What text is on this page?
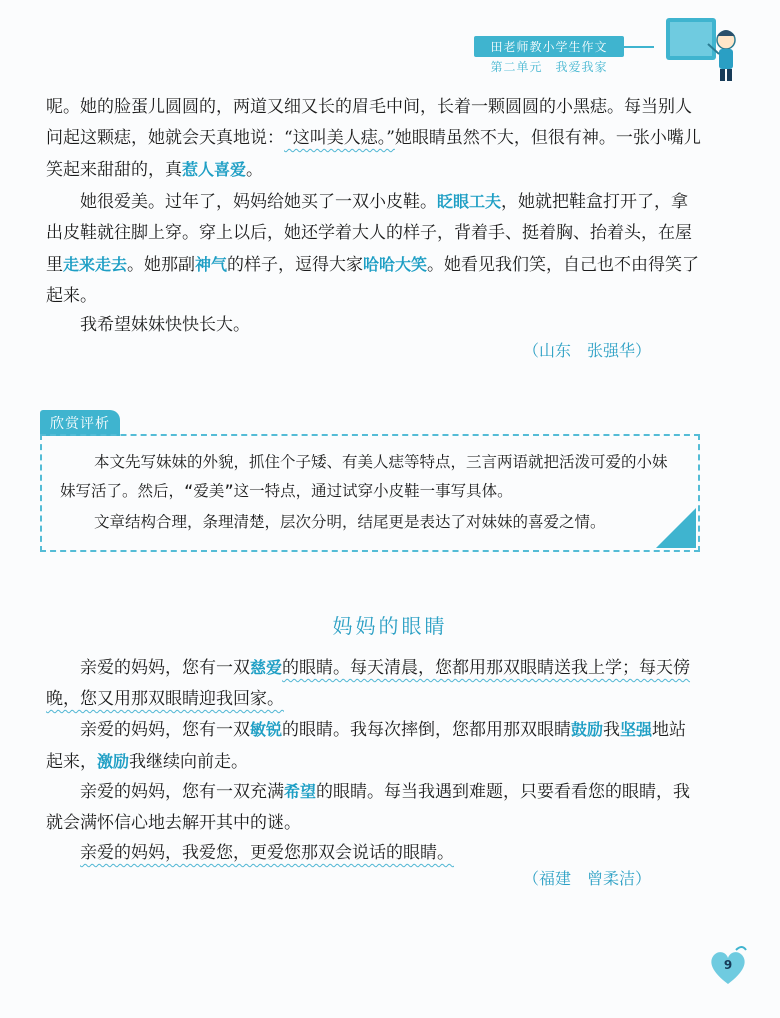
田老师教小学生作文
第二单元　我爱我家

呢。她的脸蛋儿圆圆的，两道又细又长的眉毛中间，长着一颗圆圆的小黑痣。每当别人问起这颗痣，她就会天真地说：“这叫美人痣。”她眼睛虽然不大，但很有神。一张小嘴儿笑起来甜甜的，真惹人喜爱。

她很爱美。过年了，妈妈给她买了一双小皮鞋。眨眼工夫，她就把鞋盒打开了，拿出皮鞋就往脚上穿。穿上以后，她还学着大人的样子，背着手、挺着胸、抬着头，在屋里走来走去。她那副神气的样子，逗得大家哈哈大笑。她看见我们笑，自己也不由得笑了起来。

我希望妹妹快快长大。

（山东　张强华）
欣赏评析

本文先写妹妹的外貌，抓住个子矮、有美人痣等特点，三言两语就把活泼可爱的小妹妹写活了。然后，“爱美”这一特点，通过试穿小皮鞋一事写具体。

文章结构合理，条理清楚，层次分明，结尾更是表达了对妹妹的喜爱之情。

妈妈的眼睛

亲爱的妈妈，您有一双慈爱的眼睛。每天清晨，您都用那双眼睛送我上学；每天傍晚，您又用那双眼睛迎我回家。

亲爱的妈妈，您有一双敏锐的眼睛。我每次摔倒，您都用那双眼睛鼓励我坚强地站起来，激励我继续向前走。

亲爱的妈妈，您有一双充满希望的眼睛。每当我遇到难题，只要看看您的眼睛，我就会满怀信心地去解开其中的谜。

亲爱的妈妈，我爱您，更爱您那双会说话的眼睛。

（福建　曾柔洁）
9
